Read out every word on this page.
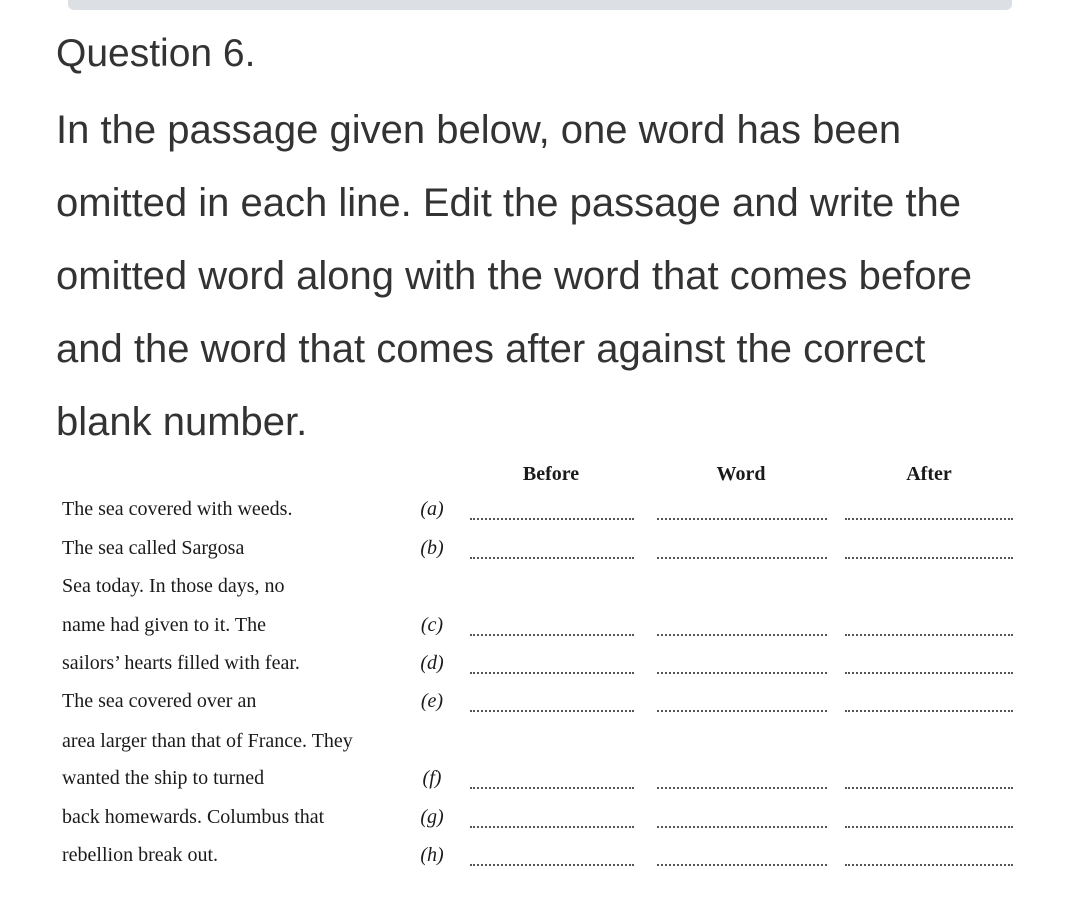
Question 6.

In the passage given below, one word has been omitted in each line. Edit the passage and write the omitted word along with the word that comes before and the word that comes after against the correct blank number.

Before	Word	After
The sea covered with weeds.	(a)
The sea called Sargosa	(b)
Sea today. In those days, no
name had given to it. The	(c)
sailors’ hearts filled with fear.	(d)
The sea covered over an	(e)
area larger than that of France. They
wanted the ship to turned	(f)
back homewards. Columbus that	(g)
rebellion break out.	(h)
